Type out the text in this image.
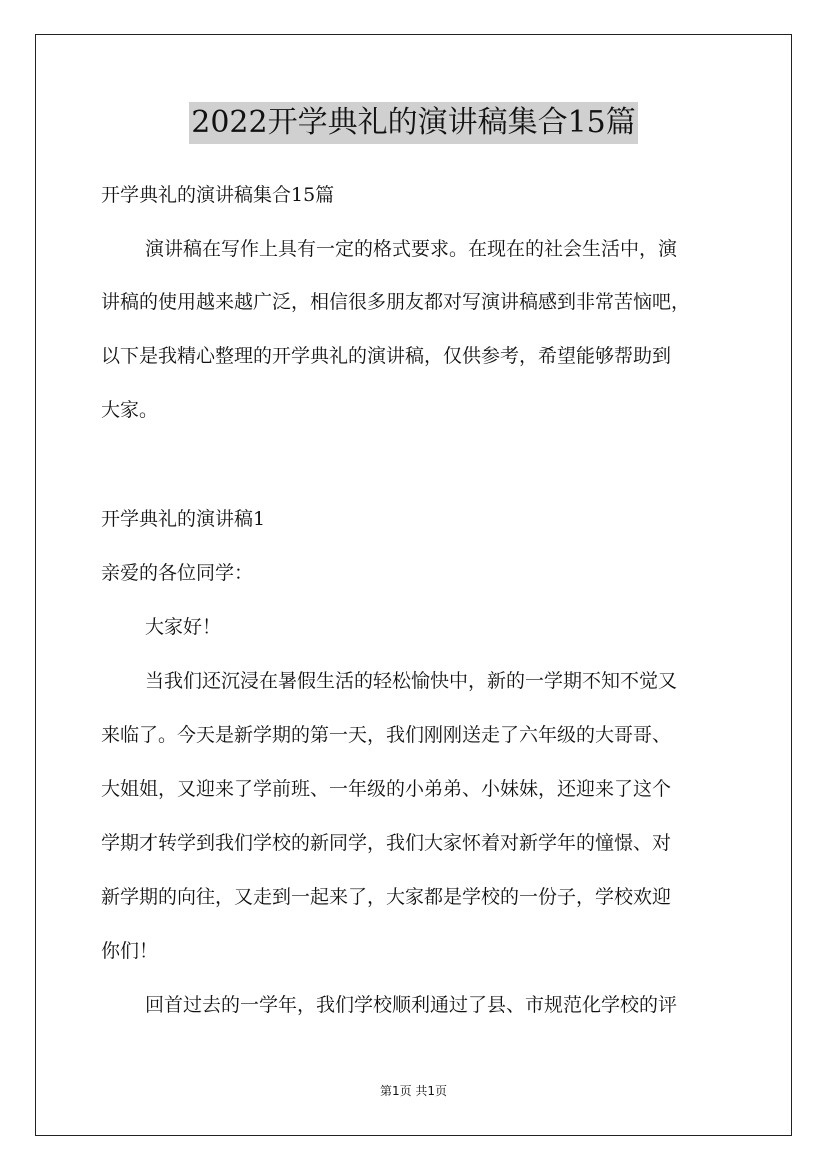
2022开学典礼的演讲稿集合15篇
开学典礼的演讲稿集合15篇
演讲稿在写作上具有一定的格式要求。在现在的社会生活中，演
讲稿的使用越来越广泛，相信很多朋友都对写演讲稿感到非常苦恼吧，
以下是我精心整理的开学典礼的演讲稿，仅供参考，希望能够帮助到
大家。
开学典礼的演讲稿1
亲爱的各位同学：
大家好！
当我们还沉浸在暑假生活的轻松愉快中，新的一学期不知不觉又
来临了。今天是新学期的第一天，我们刚刚送走了六年级的大哥哥、
大姐姐，又迎来了学前班、一年级的小弟弟、小妹妹，还迎来了这个
学期才转学到我们学校的新同学，我们大家怀着对新学年的憧憬、对
新学期的向往，又走到一起来了，大家都是学校的一份子，学校欢迎
你们！
回首过去的一学年，我们学校顺利通过了县、市规范化学校的评
第1页 共1页
